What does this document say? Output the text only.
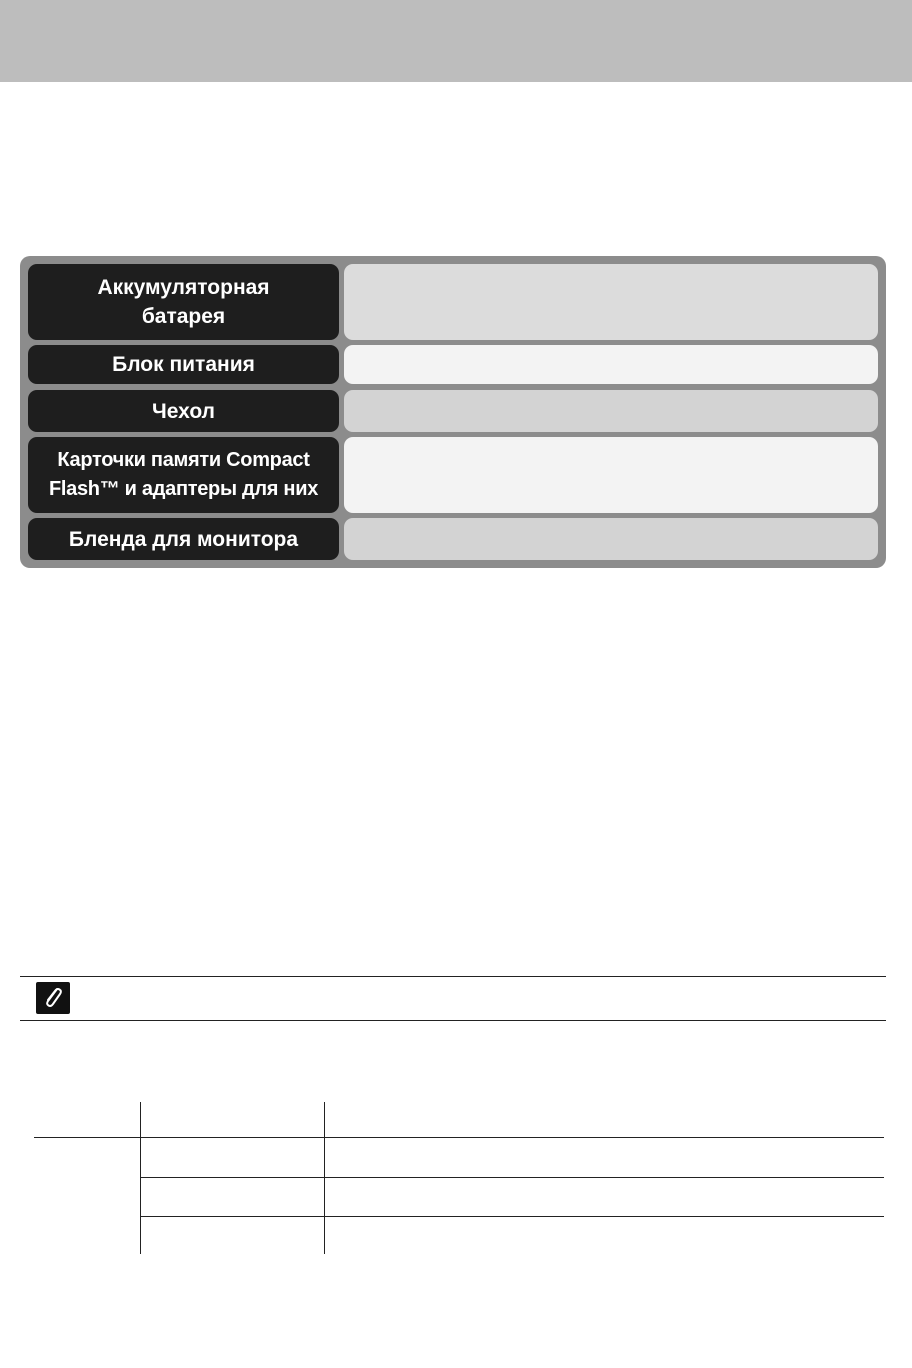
Аккумуляторная
батарея
Блок питания
Чехол
Карточки памяти Compact
Flash™ и адаптеры для них
Бленда для монитора
